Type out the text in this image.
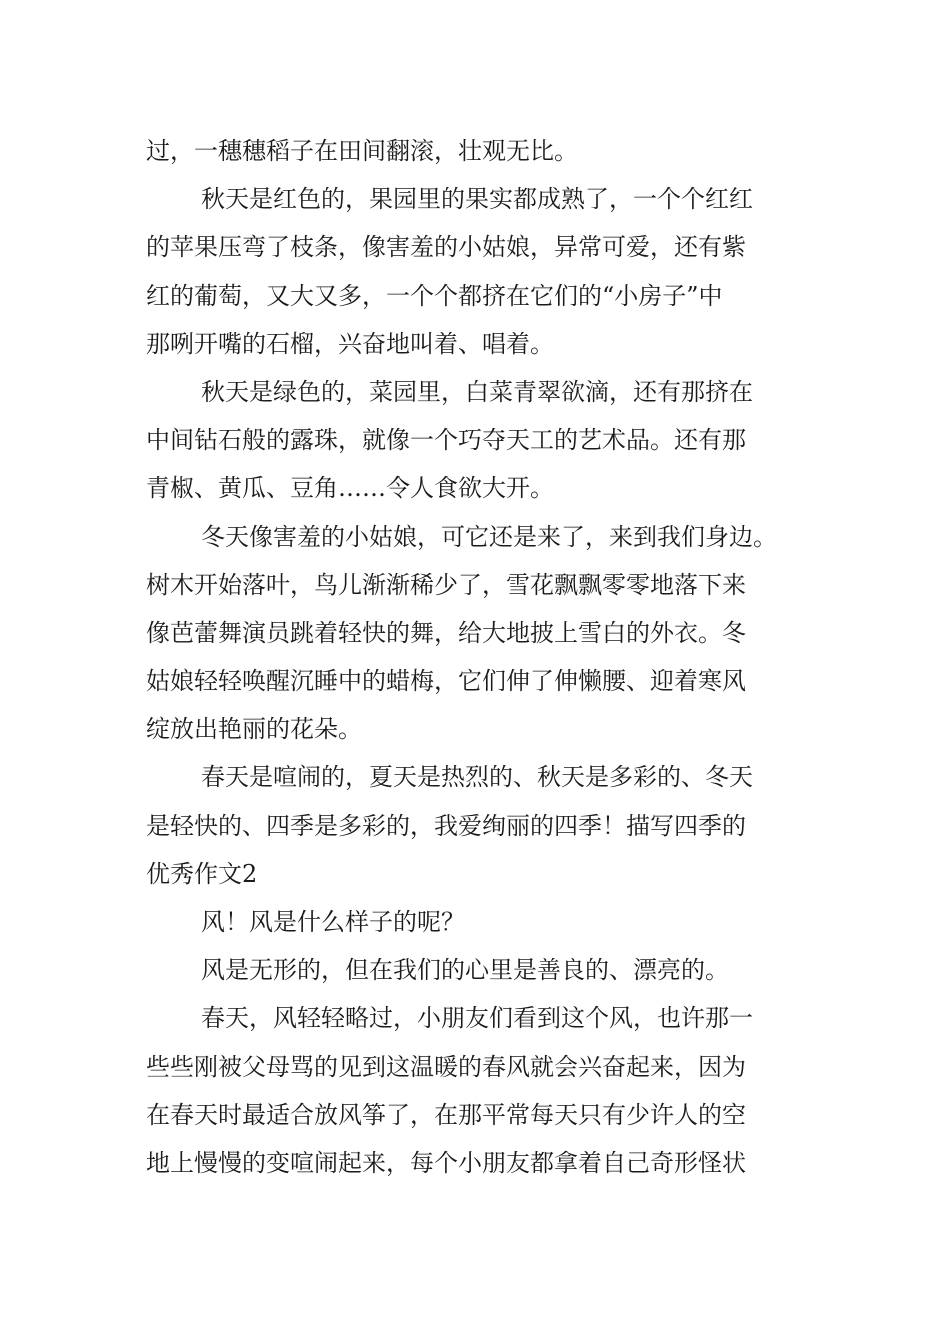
过，一穗穗稻子在田间翻滚，壮观无比。
秋天是红色的，果园里的果实都成熟了，一个个红红
的苹果压弯了枝条，像害羞的小姑娘，异常可爱，还有紫
红的葡萄，又大又多，一个个都挤在它们的“小房子”中
那咧开嘴的石榴，兴奋地叫着、唱着。
秋天是绿色的，菜园里，白菜青翠欲滴，还有那挤在
中间钻石般的露珠，就像一个巧夺天工的艺术品。还有那
青椒、黄瓜、豆角……令人食欲大开。
冬天像害羞的小姑娘，可它还是来了，来到我们身边。
树木开始落叶，鸟儿渐渐稀少了，雪花飘飘零零地落下来
像芭蕾舞演员跳着轻快的舞，给大地披上雪白的外衣。冬
姑娘轻轻唤醒沉睡中的蜡梅，它们伸了伸懒腰、迎着寒风
绽放出艳丽的花朵。
春天是喧闹的，夏天是热烈的、秋天是多彩的、冬天
是轻快的、四季是多彩的，我爱绚丽的四季！描写四季的
优秀作文2
风！风是什么样子的呢？
风是无形的，但在我们的心里是善良的、漂亮的。
春天，风轻轻略过，小朋友们看到这个风，也许那一
些些刚被父母骂的见到这温暖的春风就会兴奋起来，因为
在春天时最适合放风筝了，在那平常每天只有少许人的空
地上慢慢的变喧闹起来，每个小朋友都拿着自己奇形怪状
